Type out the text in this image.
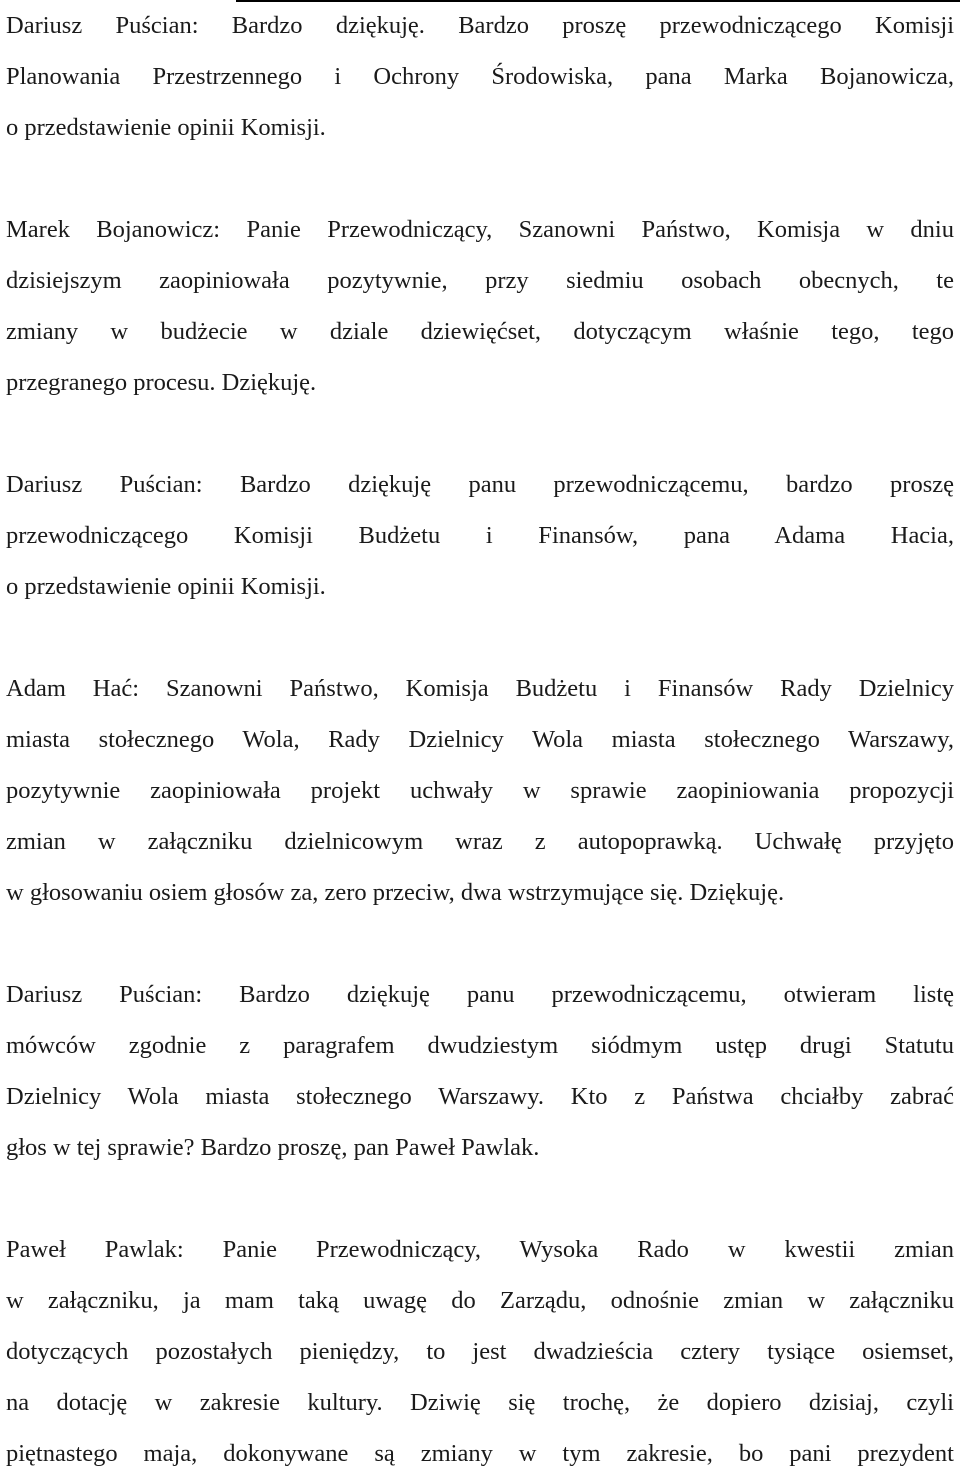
Dariusz Puścian: Bardzo dziękuję. Bardzo proszę przewodniczącego Komisji
Planowania Przestrzennego i Ochrony Środowiska, pana Marka Bojanowicza,
o przedstawienie opinii Komisji.
Marek Bojanowicz: Panie Przewodniczący, Szanowni Państwo, Komisja w dniu
dzisiejszym zaopiniowała pozytywnie, przy siedmiu osobach obecnych, te
zmiany w budżecie w dziale dziewięćset, dotyczącym właśnie tego, tego
przegranego procesu. Dziękuję.
Dariusz Puścian: Bardzo dziękuję panu przewodniczącemu, bardzo proszę
przewodniczącego Komisji Budżetu i Finansów, pana Adama Hacia,
o przedstawienie opinii Komisji.
Adam Hać: Szanowni Państwo, Komisja Budżetu i Finansów Rady Dzielnicy
miasta stołecznego Wola, Rady Dzielnicy Wola miasta stołecznego Warszawy,
pozytywnie zaopiniowała projekt uchwały w sprawie zaopiniowania propozycji
zmian w załączniku dzielnicowym wraz z autopoprawką. Uchwałę przyjęto
w głosowaniu osiem głosów za, zero przeciw, dwa wstrzymujące się. Dziękuję.
Dariusz Puścian: Bardzo dziękuję panu przewodniczącemu, otwieram listę
mówców zgodnie z paragrafem dwudziestym siódmym ustęp drugi Statutu
Dzielnicy Wola miasta stołecznego Warszawy. Kto z Państwa chciałby zabrać
głos w tej sprawie? Bardzo proszę, pan Paweł Pawlak.
Paweł Pawlak: Panie Przewodniczący, Wysoka Rado w kwestii zmian
w załączniku, ja mam taką uwagę do Zarządu, odnośnie zmian w załączniku
dotyczących pozostałych pieniędzy, to jest dwadzieścia cztery tysiące osiemset,
na dotację w zakresie kultury. Dziwię się trochę, że dopiero dzisiaj, czyli
piętnastego maja, dokonywane są zmiany w tym zakresie, bo pani prezydent
